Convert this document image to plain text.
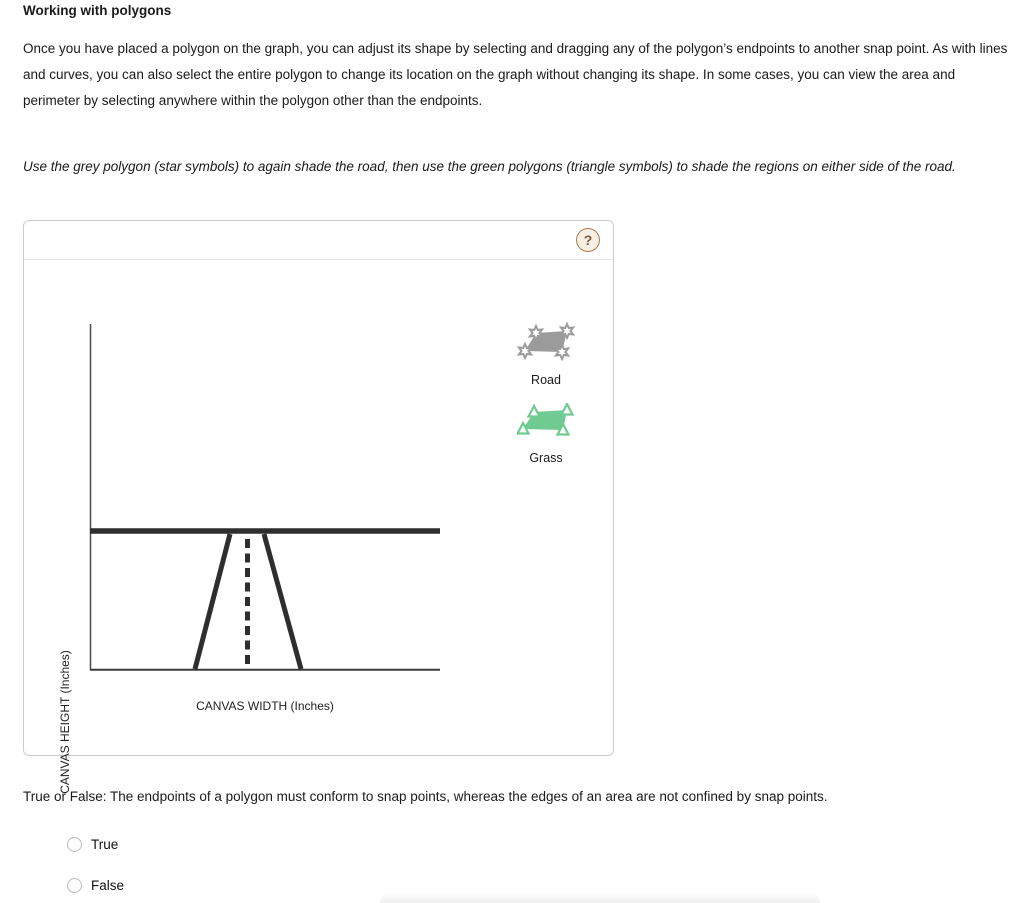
Working with polygons
Once you have placed a polygon on the graph, you can adjust its shape by selecting and dragging any of the polygon’s endpoints to another snap point. As with lines and curves, you can also select the entire polygon to change its location on the graph without changing its shape. In some cases, you can view the area and perimeter by selecting anywhere within the polygon other than the endpoints.
Use the grey polygon (star symbols) to again shade the road, then use the green polygons (triangle symbols) to shade the regions on either side of the road.
?
CANVAS HEIGHT (Inches)	CANVAS WIDTH (Inches)
Road
Grass
True or False: The endpoints of a polygon must conform to snap points, whereas the edges of an area are not confined by snap points.
True
False
